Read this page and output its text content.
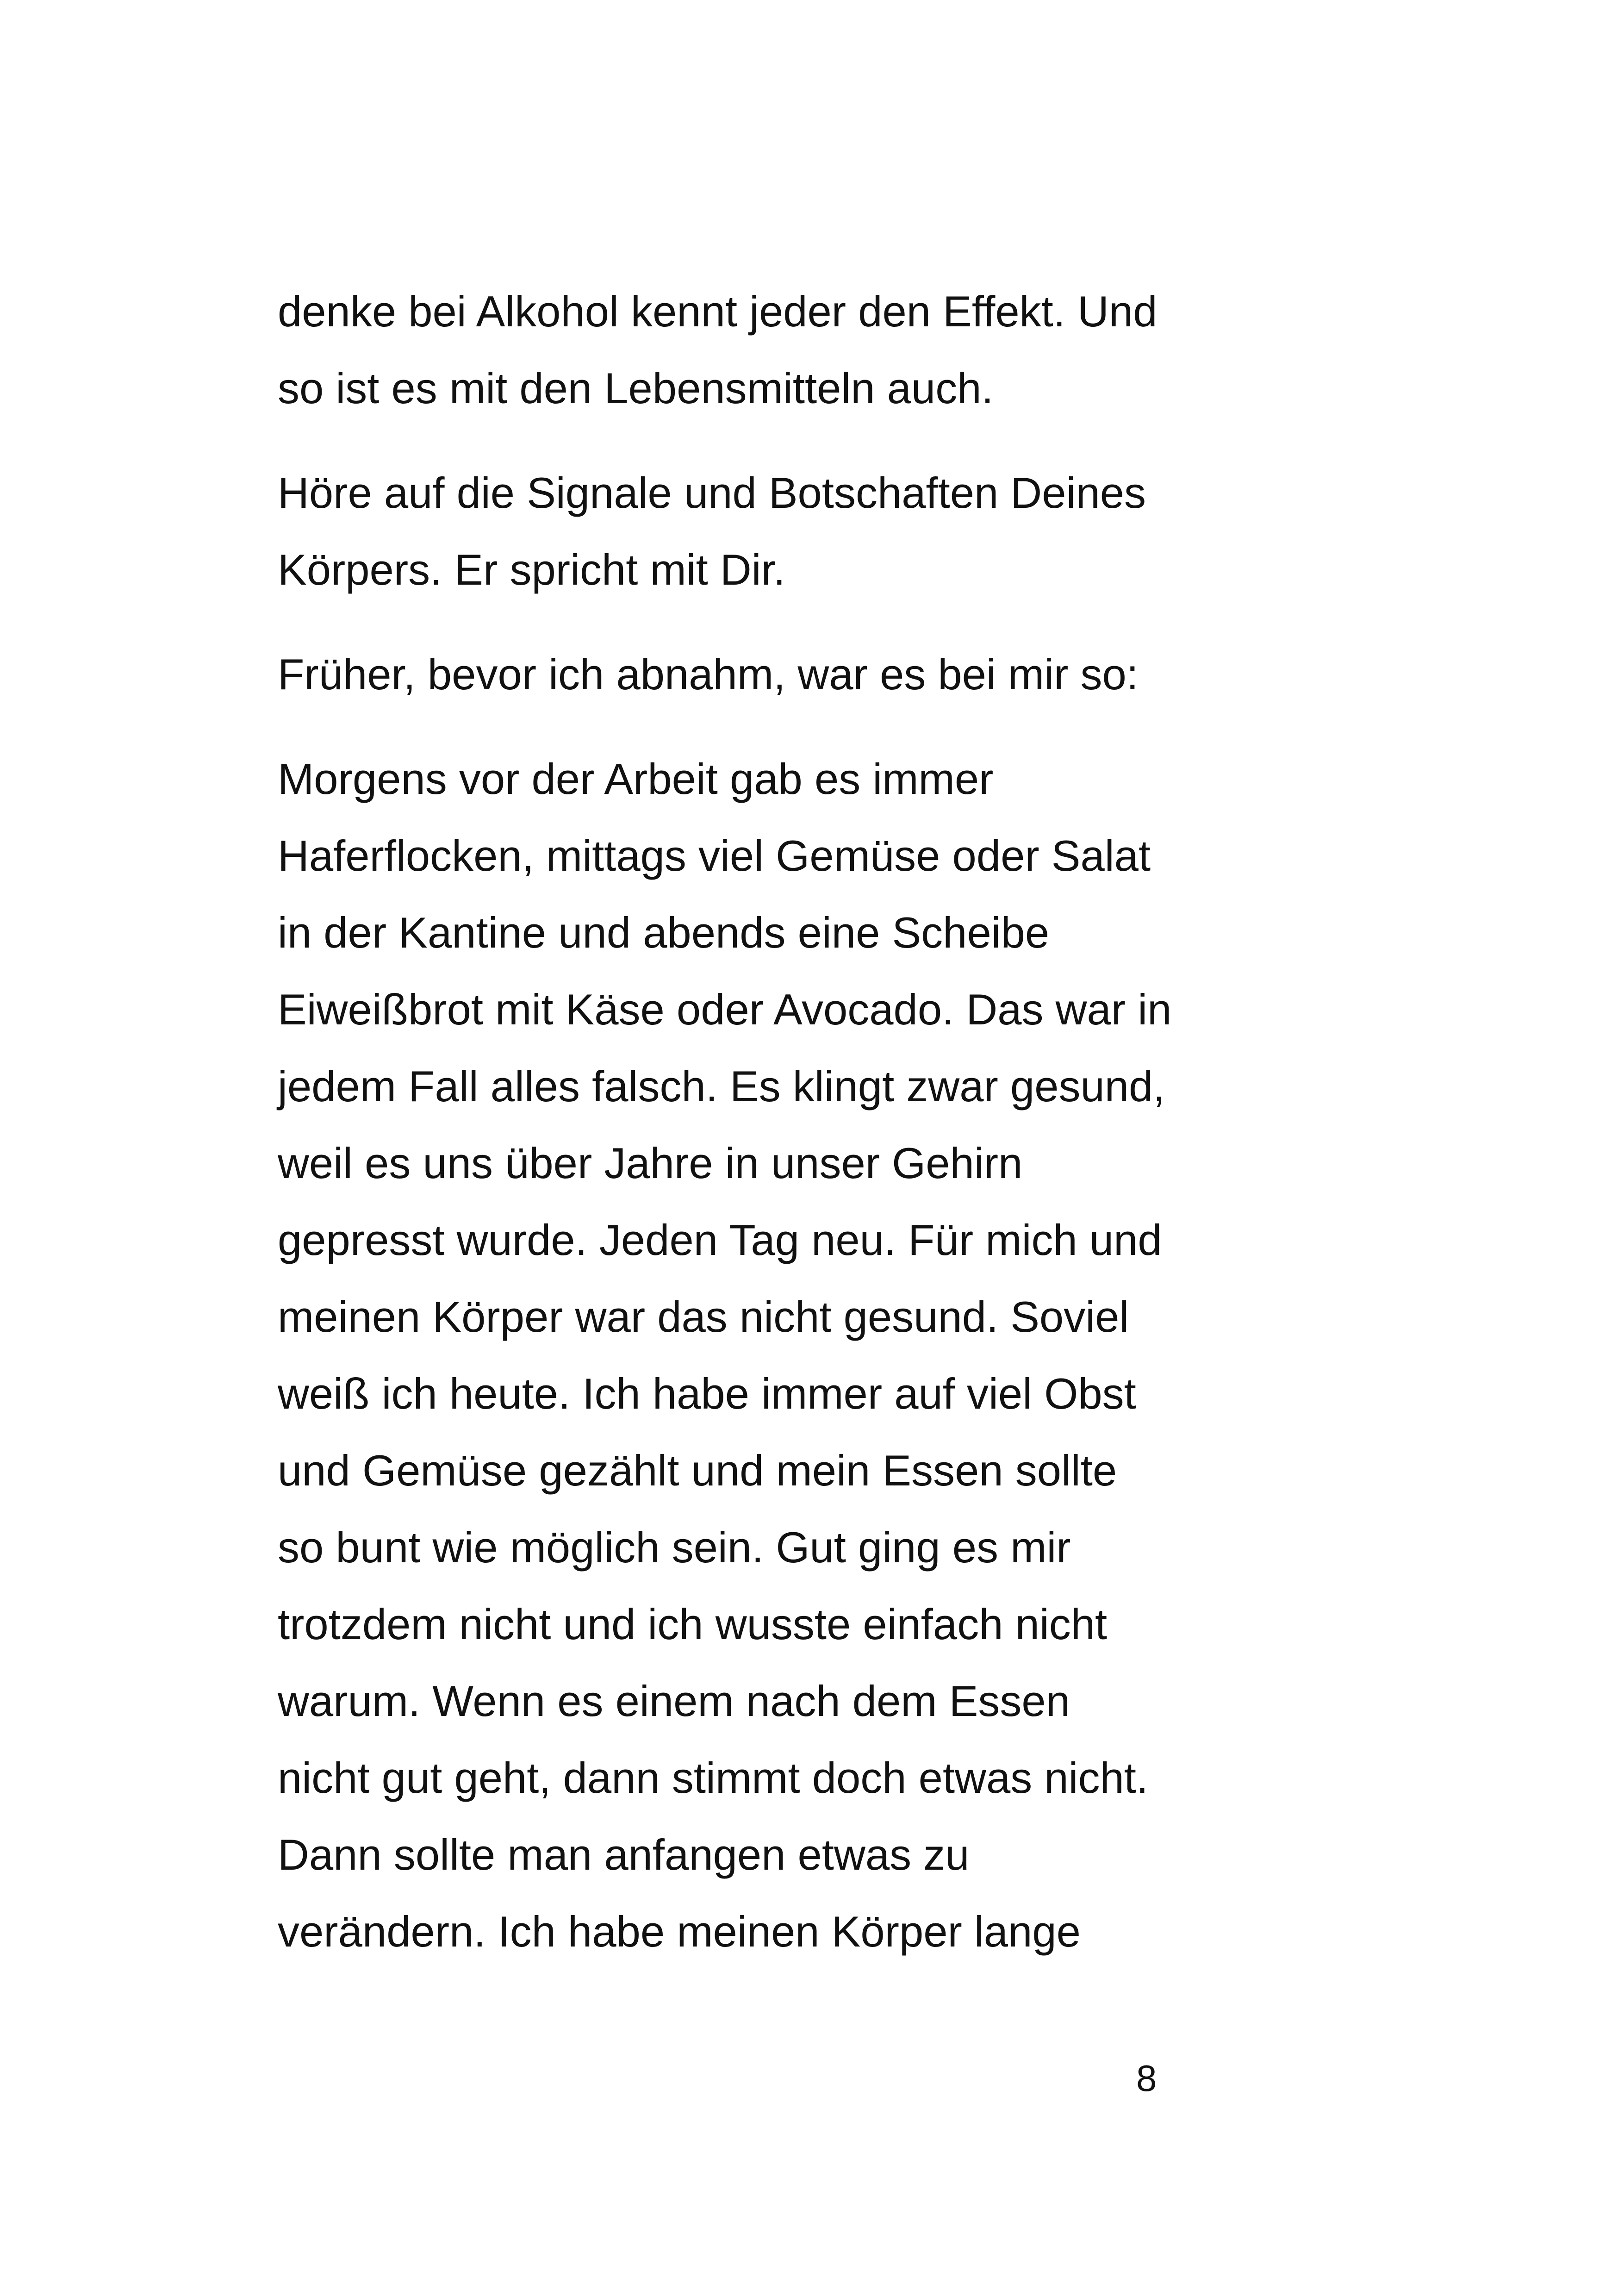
denke bei Alkohol kennt jeder den Effekt. Und
so ist es mit den Lebensmitteln auch.

Höre auf die Signale und Botschaften Deines
Körpers. Er spricht mit Dir.

Früher, bevor ich abnahm, war es bei mir so:

Morgens vor der Arbeit gab es immer
Haferflocken, mittags viel Gemüse oder Salat
in der Kantine und abends eine Scheibe
Eiweißbrot mit Käse oder Avocado. Das war in
jedem Fall alles falsch. Es klingt zwar gesund,
weil es uns über Jahre in unser Gehirn
gepresst wurde. Jeden Tag neu. Für mich und
meinen Körper war das nicht gesund. Soviel
weiß ich heute. Ich habe immer auf viel Obst
und Gemüse gezählt und mein Essen sollte
so bunt wie möglich sein. Gut ging es mir
trotzdem nicht und ich wusste einfach nicht
warum. Wenn es einem nach dem Essen
nicht gut geht, dann stimmt doch etwas nicht.
Dann sollte man anfangen etwas zu
verändern. Ich habe meinen Körper lange

8
